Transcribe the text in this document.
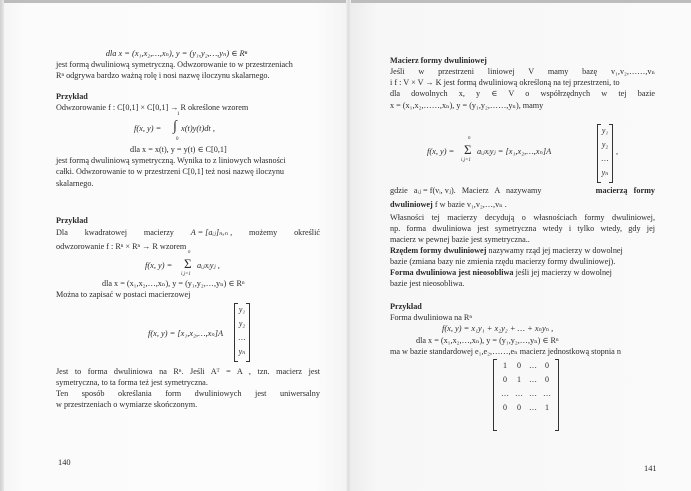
dla x = (x₁,x₂,…,xₙ), y = (y₁,y₂,…,yₙ) ∈ Rⁿ
jest formą dwuliniową symetryczną. Odwzorowanie to w przestrzeniach
Rⁿ odgrywa bardzo ważną rolę i nosi nazwę iloczynu skalarnego.
Przykład
Odwzorowanie f : C[0,1] × C[0,1] → R określone wzorem
f(x, y) = ∫
1
0
x(t)y(t)dt ,
dla x = x(t), y = y(t) ∈ C[0,1]
jest formą dwuliniową symetryczną. Wynika to z liniowych własności
całki. Odwzorowanie to w przestrzeni C[0,1] też nosi nazwę iloczynu
skalarnego.
Przykład
Dla kwadratowej macierzy A = [aᵢⱼ]ₙₓₙ , możemy określić
odwzorowanie f : Rⁿ × Rⁿ → R wzorem
f(x, y) = Σ
n
i,j=1
aᵢⱼxᵢyⱼ ,
dla x = (x₁,x₂,…,xₙ), y = (y₁,y₂,…,yₙ) ∈ Rⁿ
Można to zapisać w postaci macierzowej
f(x, y) = [x₁,x₂,…,xₙ]A
y₁
y₂
…
yₙ
Jest to forma dwuliniowa na Rⁿ. Jeśli Aᵀ = A , tzn. macierz jest
symetryczna, to ta forma też jest symetryczna.
Ten sposób określania form dwuliniowych jest uniwersalny
w przestrzeniach o wymiarze skończonym.
140
Macierz formy dwuliniowej
Jeśli w przestrzeni liniowej V mamy bazę v₁,v₂,……,vₙ
i f : V × V → K jest formą dwuliniową określoną na tej przestrzeni, to
dla dowolnych x, y ∈ V o współrzędnych w tej bazie
x = (x₁,x₂,……,xₙ), y = (y₁,y₂,……,yₙ), mamy
f(x, y) = Σ
n
i,j=1
aᵢⱼxᵢyⱼ = [x₁,x₂,…,xₙ]A
y₁
y₂
…
yₙ
,
gdzie   aᵢⱼ = f(vᵢ, vⱼ).   Macierz   A   nazywamy	macierzą   formy
dwuliniowej f w bazie v₁,v₂,…,vₙ .
Własności tej macierzy decydują o własnościach formy dwuliniowej,
np. forma dwuliniowa jest symetryczna wtedy i tylko wtedy, gdy jej
macierz w pewnej bazie jest symetryczna..
Rzędem formy dwuliniowej nazywamy rząd jej macierzy w dowolnej
bazie (zmiana bazy nie zmienia rzędu macierzy formy dwuliniowej).
Forma dwuliniowa jest nieosobliwa jeśli jej macierzy w dowolnej
bazie jest nieosobliwa.
Przykład
Forma dwuliniowa na Rⁿ
f(x, y) = x₁y₁ + x₂y₂ + … + xₙyₙ ,
dla x = (x₁,x₂,…,xₙ), y = (y₁,y₂,…,yₙ) ∈ Rⁿ
ma w bazie standardowej e₁,e₂,……,eₙ macierz jednostkową stopnia n
1	0	…	0
0	1	…	0
… … … …
0	0	…	1
141
